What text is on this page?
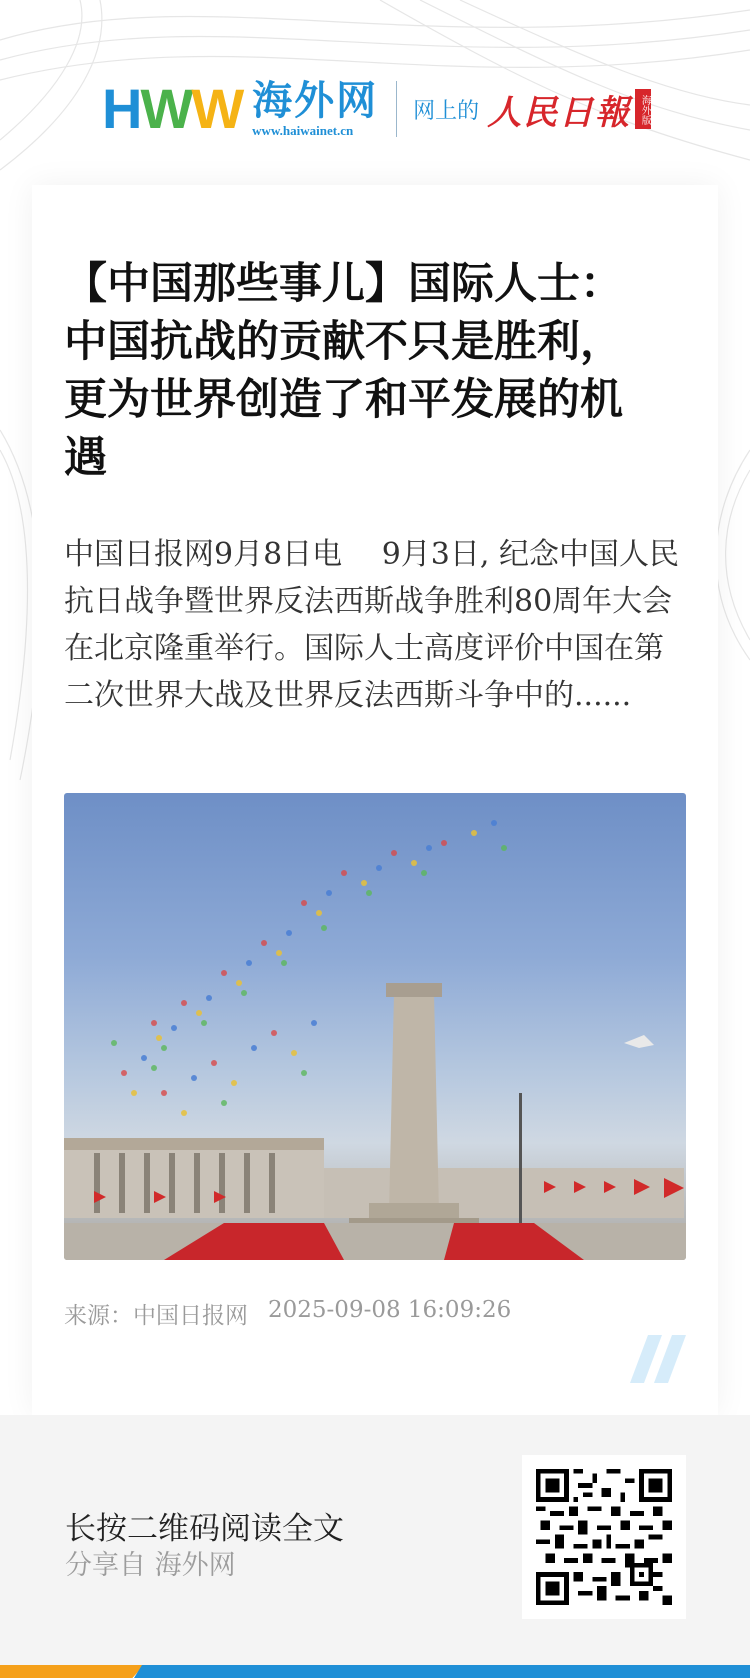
H W W 海外网
www.haiwainet.cn
网上的 人民日報 海外版
【中国那些事儿】国际人士：中国抗战的贡献不只是胜利，更为世界创造了和平发展的机遇

中国日报网9月8日电　 9月3日, 纪念中国人民抗日战争暨世界反法西斯战争胜利80周年大会在北京隆重举行。国际人士高度评价中国在第二次世界大战及世界反法西斯斗争中的......

来源：中国日报网 2025-09-08 16:09:26
长按二维码阅读全文
分享自 海外网
